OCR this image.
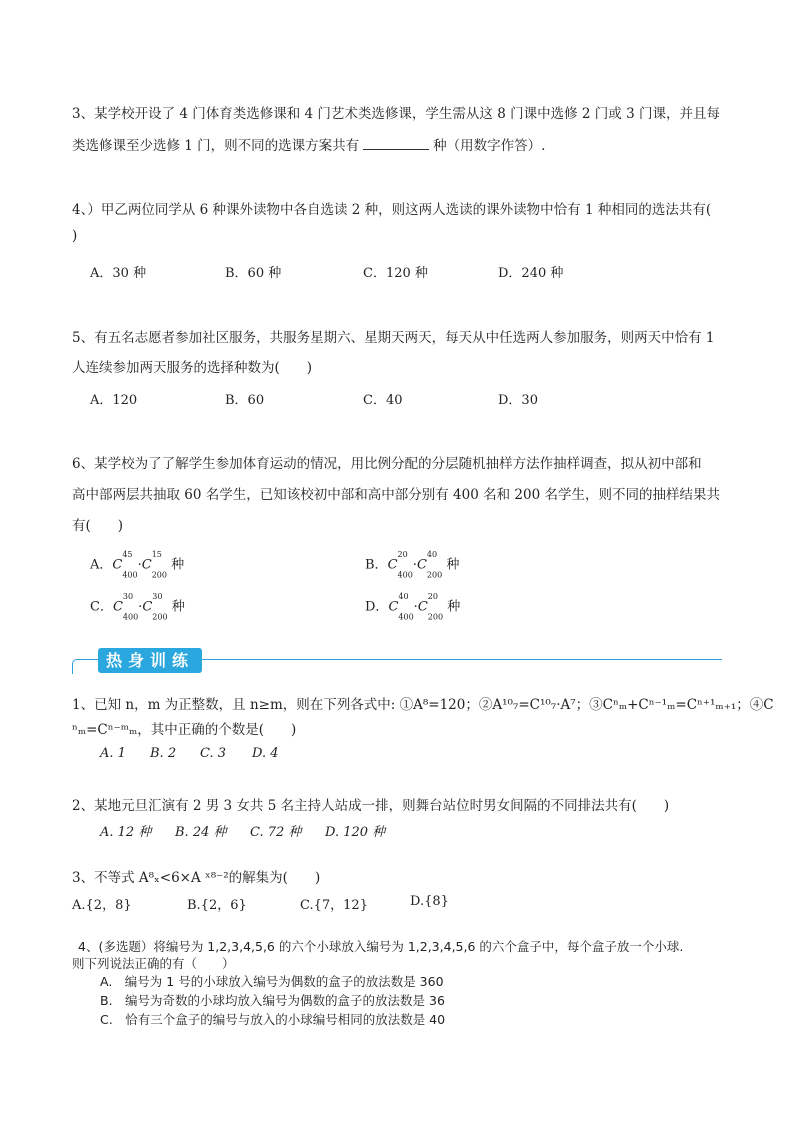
3、某学校开设了 4 门体育类选修课和 4 门艺术类选修课，学生需从这 8 门课中选修 2 门或 3 门课，并且每
类选修课至少选修 1 门，则不同的选课方案共有	种（用数字作答）.
4、）甲乙两位同学从 6 种课外读物中各自选读 2 种，则这两人选读的课外读物中恰有 1 种相同的选法共有(
)
A．30 种	B．60 种	C．120 种	D．240 种
5、有五名志愿者参加社区服务，共服务星期六、星期天两天，每天从中任选两人参加服务，则两天中恰有 1
人连续参加两天服务的选择种数为(　　)
A．120	B．60	C．40	D．30
6、某学校为了了解学生参加体育运动的情况，用比例分配的分层随机抽样方法作抽样调查，拟从初中部和
高中部两层共抽取 60 名学生，已知该校初中部和高中部分别有 400 名和 200 名学生，则不同的抽样结果共
有(　　)
A．$C^{45}$
$_{400}\cdot C^{15}$
$_{200}$ 种	B．$C^{20}$
$_{400}\cdot C^{40}$
$_{200}$ 种
C．$C^{30}$
$_{400}\cdot C^{30}$
$_{200}$ 种	D．$C^{40}$
$_{400}\cdot C^{20}$
$_{200}$ 种
热身训练
1、已知 n，m 为正整数，且 n≥m，则在下列各式中: ①A⁸=120；②A¹⁰₇=C¹⁰₇·A⁷；③Cⁿₘ+Cⁿ⁻¹ₘ=Cⁿ⁺¹ₘ₊₁；④C
ⁿₘ=Cⁿ⁻ᵐₘ，其中正确的个数是(　　)
A. 1 B. 2 C. 3 D. 4
2、某地元旦汇演有 2 男 3 女共 5 名主持人站成一排，则舞台站位时男女间隔的不同排法共有(　　)
A. 12 种 B. 24 种 C. 72 种 D. 120 种
3、不等式 A⁸ₓ<6×A ˣ⁸⁻²的解集为(　　)
A.{2，8}	B.{2，6}	C.{7，12}	D.{8}
4、(多选题）将编号为 1,2,3,4,5,6 的六个小球放入编号为 1,2,3,4,5,6 的六个盒子中，每个盒子放一个小球.
则下列说法正确的有（　　）
A.　编号为 1 号的小球放入编号为偶数的盒子的放法数是 360
B.　编号为奇数的小球均放入编号为偶数的盒子的放法数是 36
C.　恰有三个盒子的编号与放入的小球编号相同的放法数是 40
